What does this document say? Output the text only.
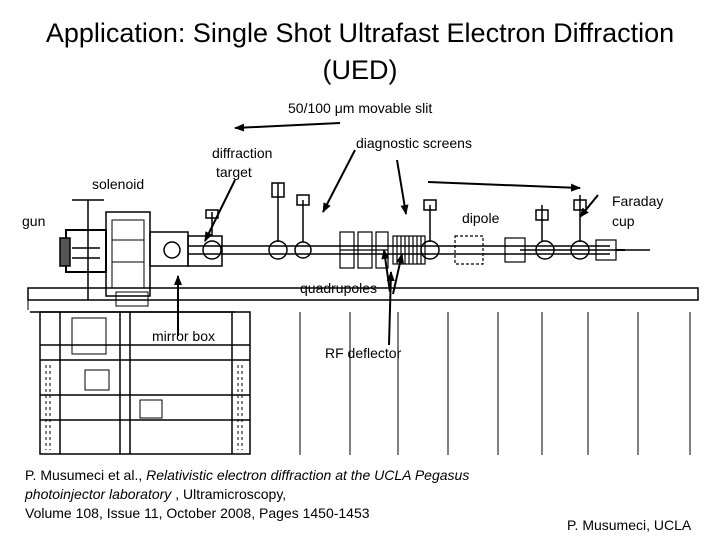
Application: Single Shot Ultrafast Electron Diffraction
(UED)
50/100 μm movable slit
diagnostic screens
diffraction
target
solenoid
gun	dipole
Faraday
cup
quadrupoles
mirror box
RF deflector
P. Musumeci et al., Relativistic electron diffraction at the UCLA Pegasus photoinjector laboratory , Ultramicroscopy,
Volume 108, Issue 11, October 2008, Pages 1450-1453
P. Musumeci, UCLA
